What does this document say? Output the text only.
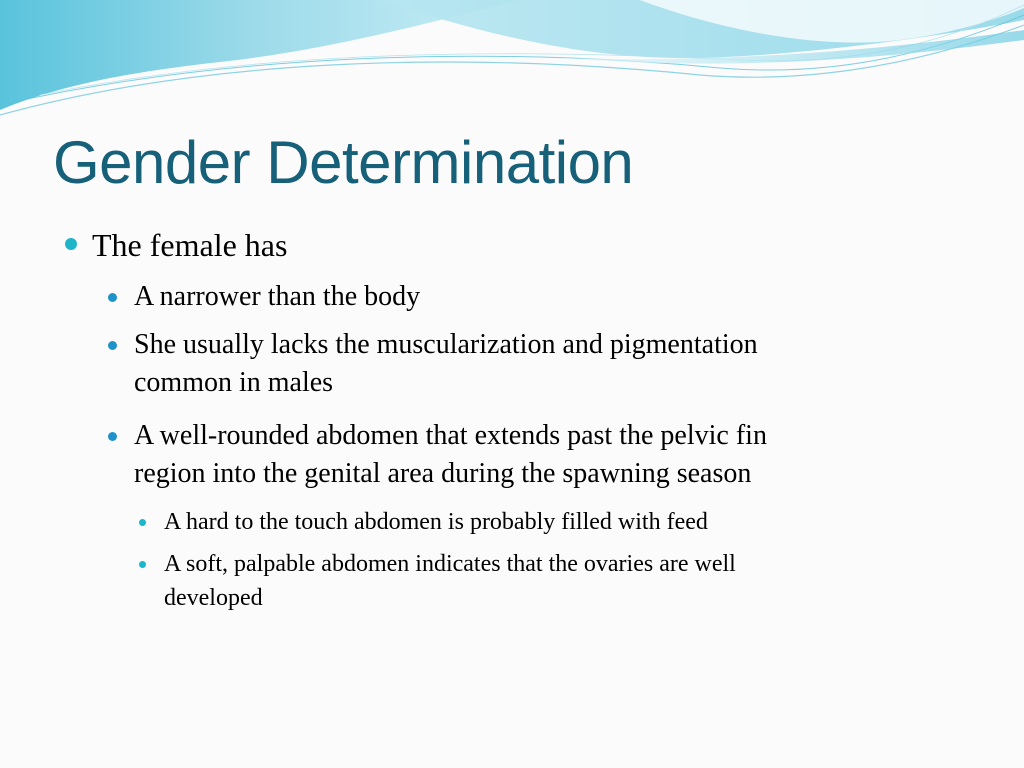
Gender Determination
The female has
A narrower than the body
She usually lacks the muscularization and pigmentation
common in males
A well-rounded abdomen that extends past the pelvic fin
region into the genital area during the spawning season
A hard to the touch abdomen is probably filled with feed
A soft, palpable abdomen indicates that the ovaries are well
developed
